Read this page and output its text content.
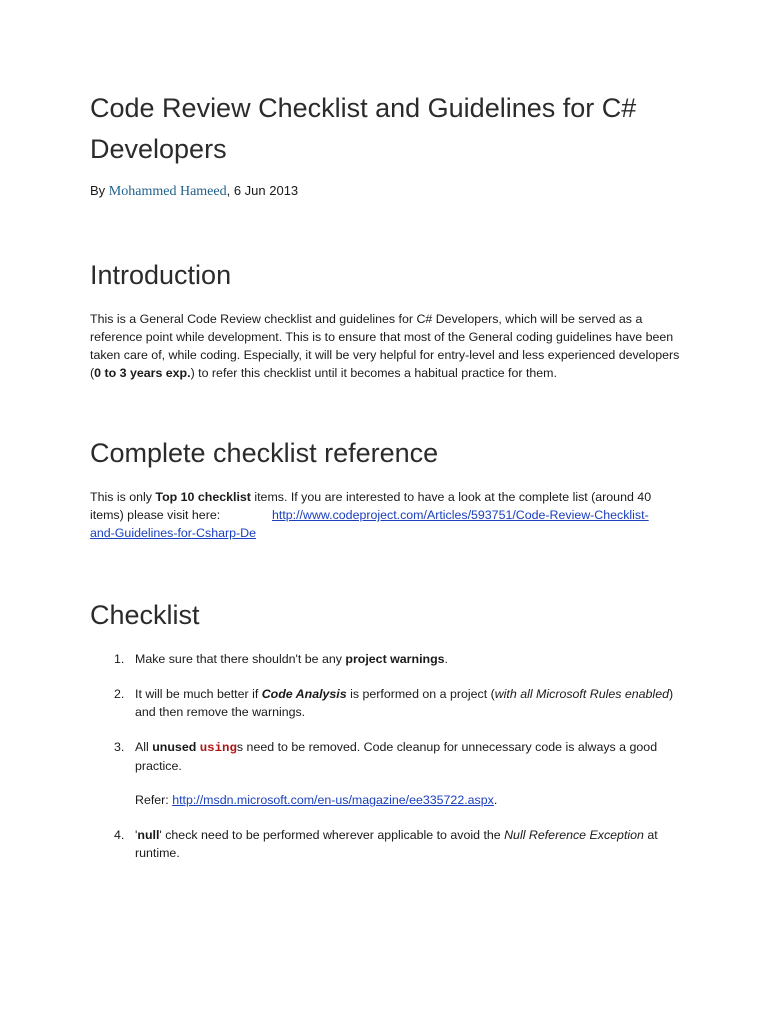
Code Review Checklist and Guidelines for C# Developers
By Mohammed Hameed, 6 Jun 2013
Introduction

This is a General Code Review checklist and guidelines for C# Developers, which will be served as a reference point while development. This is to ensure that most of the General coding guidelines have been taken care of, while coding. Especially, it will be very helpful for entry-level and less experienced developers (0 to 3 years exp.) to refer this checklist until it becomes a habitual practice for them.

Complete checklist reference

This is only Top 10 checklist items. If you are interested to have a look at the complete list (around 40 items) please visit here:	http://www.codeproject.com/Articles/593751/Code-Review-Checklist-
and-Guidelines-for-Csharp-De
Checklist
1. Make sure that there shouldn't be any project warnings.
2. It will be much better if Code Analysis is performed on a project (with all Microsoft Rules enabled) and then remove the warnings.
3. All unused usings need to be removed. Code cleanup for unnecessary code is always a good practice.
Refer: http://msdn.microsoft.com/en-us/magazine/ee335722.aspx.
4. 'null' check need to be performed wherever applicable to avoid the Null Reference Exception at runtime.
